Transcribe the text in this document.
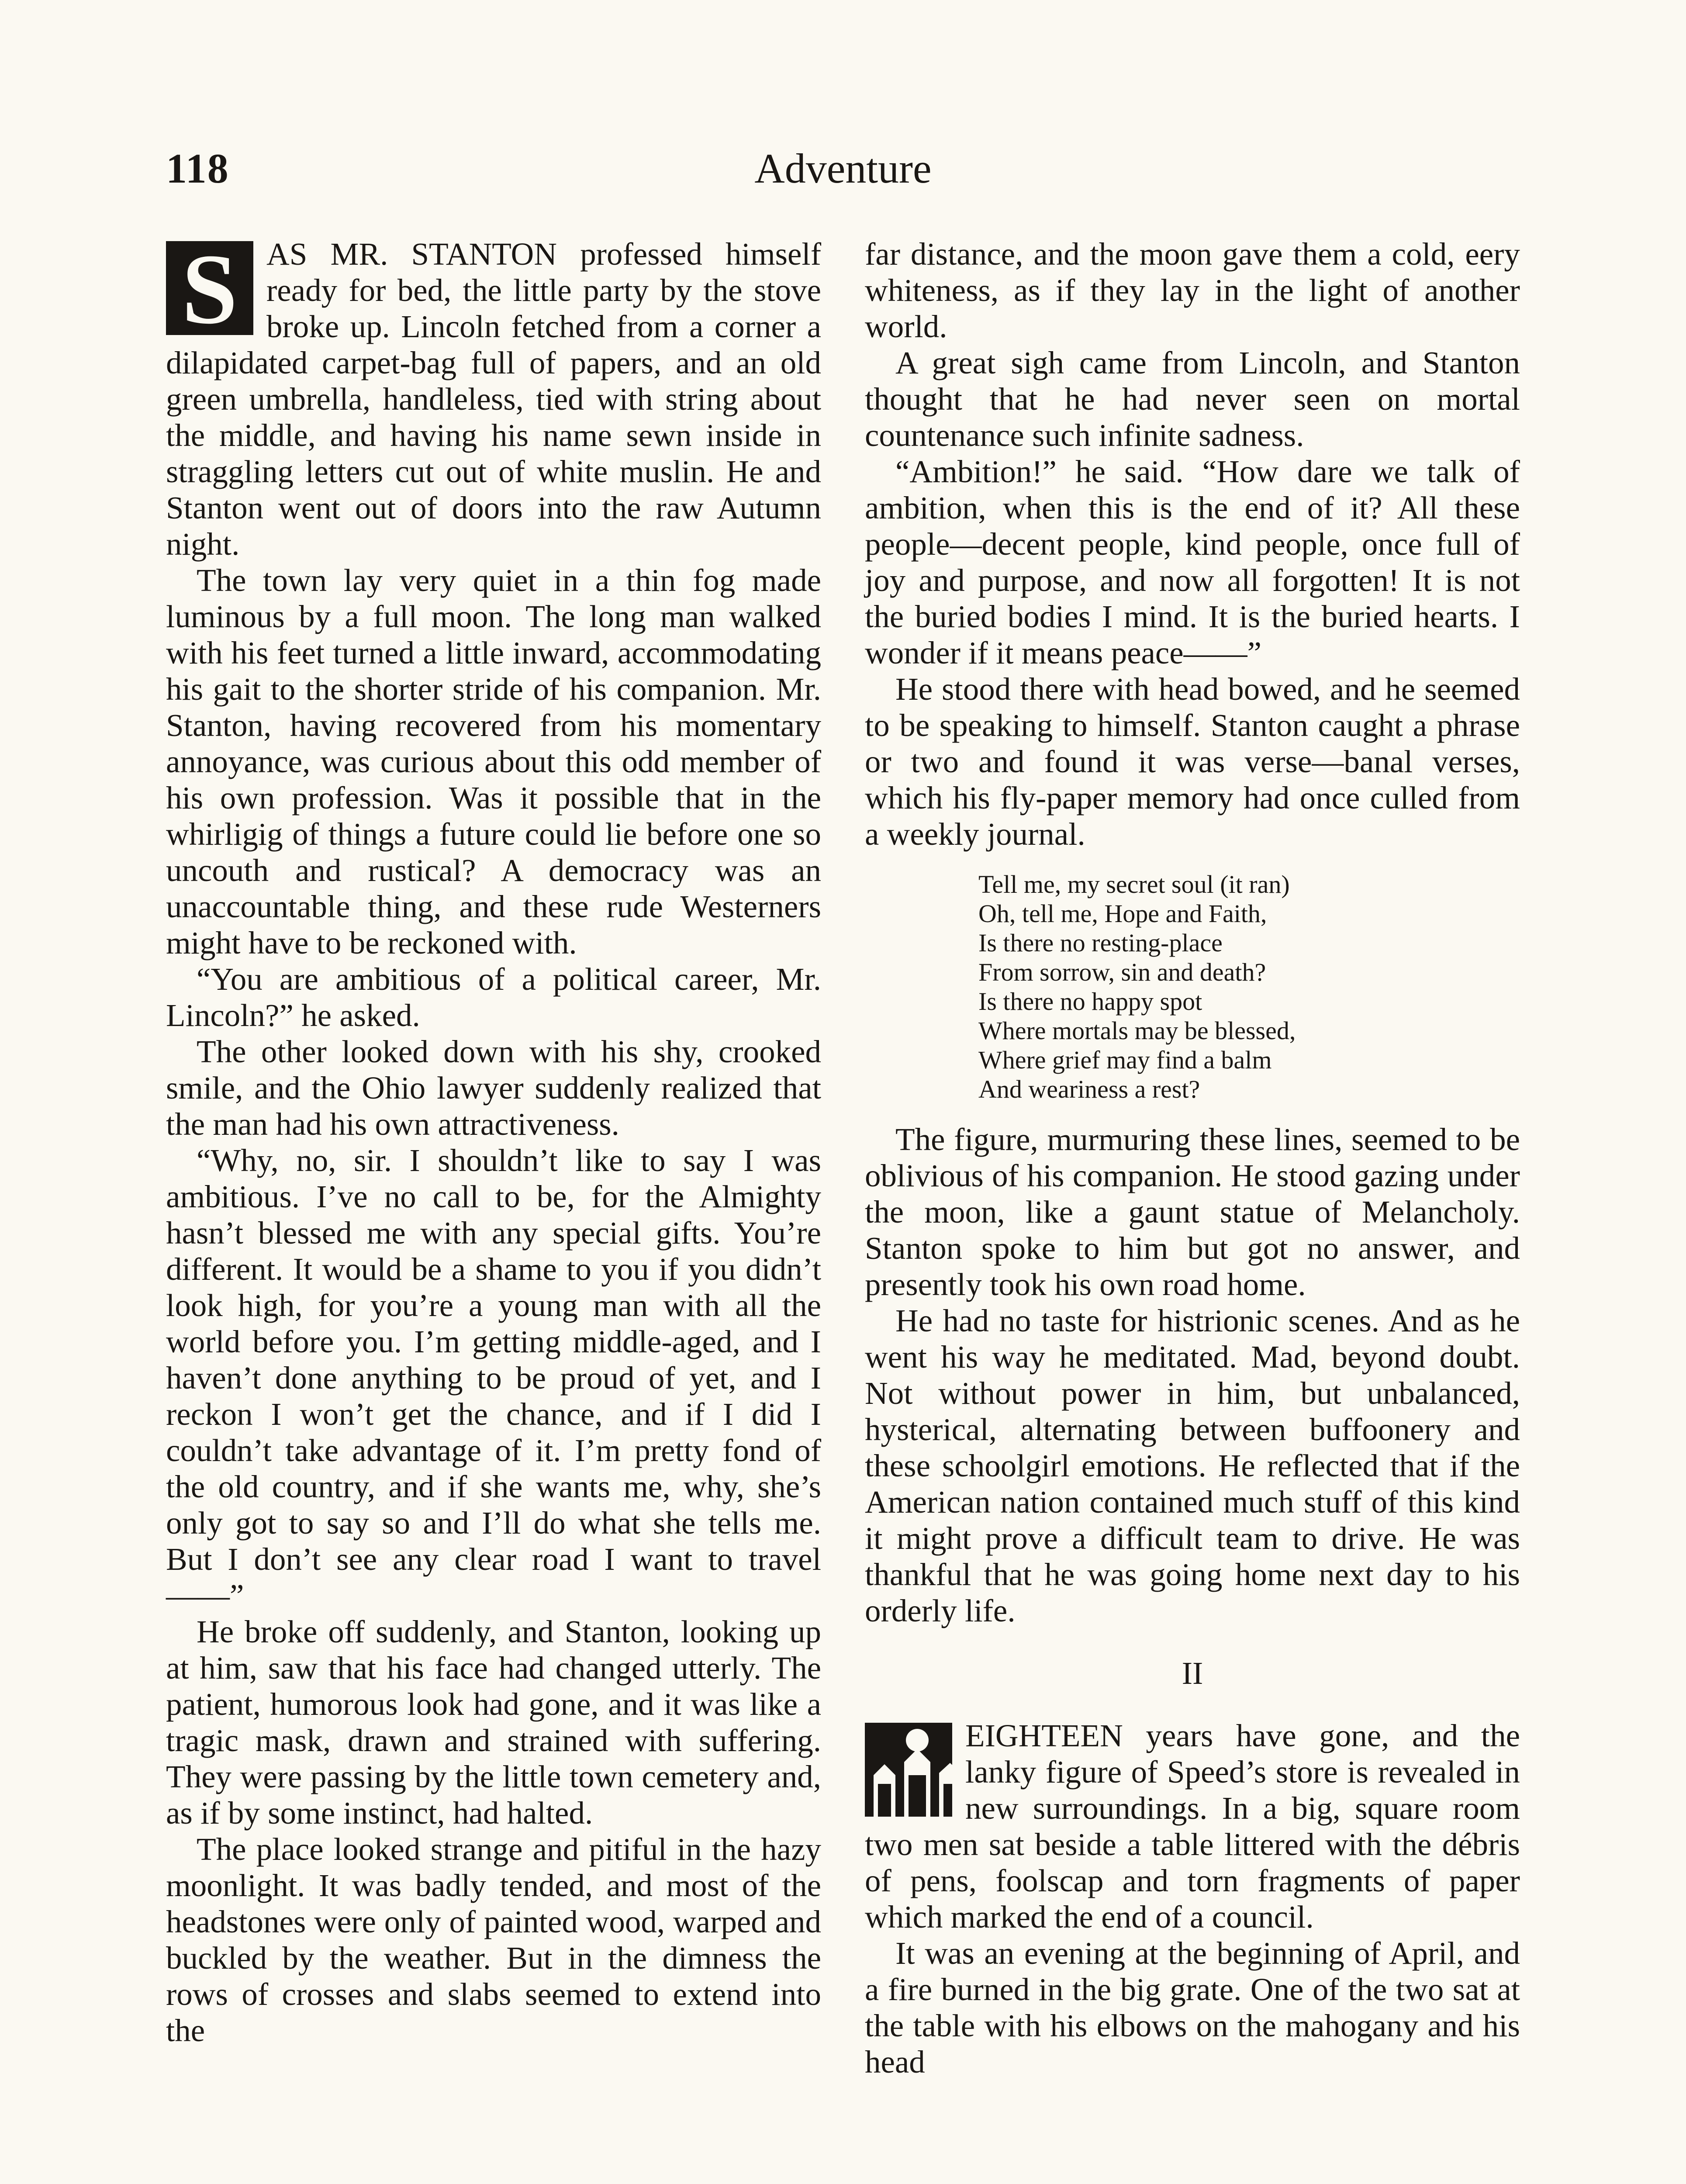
Adventure
118

S AS MR. STANTON professed himself ready for bed, the little party by the stove broke up. Lincoln fetched from a corner a dilapidated carpet-bag full of papers, and an old green umbrella, handleless, tied with string about the middle, and having his name sewn inside in straggling letters cut out of white muslin. He and Stanton went out of doors into the raw Autumn night.

The town lay very quiet in a thin fog made luminous by a full moon. The long man walked with his feet turned a little inward, accommodating his gait to the shorter stride of his companion. Mr. Stanton, having recovered from his momentary annoyance, was curious about this odd member of his own profession. Was it possible that in the whirligig of things a future could lie before one so uncouth and rustical? A democracy was an unaccountable thing, and these rude Westerners might have to be reckoned with.

“You are ambitious of a political career, Mr. Lincoln?” he asked.

The other looked down with his shy, crooked smile, and the Ohio lawyer suddenly realized that the man had his own attractiveness.

“Why, no, sir. I shouldn’t like to say I was ambitious. I’ve no call to be, for the Almighty hasn’t blessed me with any special gifts. You’re different. It would be a shame to you if you didn’t look high, for you’re a young man with all the world before you. I’m getting middle-aged, and I haven’t done anything to be proud of yet, and I reckon I won’t get the chance, and if I did I couldn’t take advantage of it. I’m pretty fond of the old country, and if she wants me, why, she’s only got to say so and I’ll do what she tells me. But I don’t see any clear road I want to travel——”

He broke off suddenly, and Stanton, looking up at him, saw that his face had changed utterly. The patient, humorous look had gone, and it was like a tragic mask, drawn and strained with suffering. They were passing by the little town cemetery and, as if by some instinct, had halted.

The place looked strange and pitiful in the hazy moonlight. It was badly tended, and most of the headstones were only of painted wood, warped and buckled by the weather. But in the dimness the rows of crosses and slabs seemed to extend into the

far distance, and the moon gave them a cold, eery whiteness, as if they lay in the light of another world.

A great sigh came from Lincoln, and Stanton thought that he had never seen on mortal countenance such infinite sadness.

“Ambition!” he said. “How dare we talk of ambition, when this is the end of it? All these people—decent people, kind people, once full of joy and purpose, and now all forgotten! It is not the buried bodies I mind. It is the buried hearts. I wonder if it means peace——”

He stood there with head bowed, and he seemed to be speaking to himself. Stanton caught a phrase or two and found it was verse—banal verses, which his fly-paper memory had once culled from a weekly journal.

Tell me, my secret soul (it ran)
Oh, tell me, Hope and Faith,
Is there no resting-place
From sorrow, sin and death?
Is there no happy spot
Where mortals may be blessed,
Where grief may find a balm
And weariness a rest?

The figure, murmuring these lines, seemed to be oblivious of his companion. He stood gazing under the moon, like a gaunt statue of Melancholy. Stanton spoke to him but got no answer, and presently took his own road home.

He had no taste for histrionic scenes. And as he went his way he meditated. Mad, beyond doubt. Not without power in him, but unbalanced, hysterical, alternating between buffoonery and these schoolgirl emotions. He reflected that if the American nation contained much stuff of this kind it might prove a difficult team to drive. He was thankful that he was going home next day to his orderly life.

II

EIGHTEEN years have gone, and the lanky figure of Speed’s store is revealed in new surroundings. In a big, square room two men sat beside a table littered with the débris of pens, foolscap and torn fragments of paper which marked the end of a council.

It was an evening at the beginning of April, and a fire burned in the big grate. One of the two sat at the table with his elbows on the mahogany and his head
